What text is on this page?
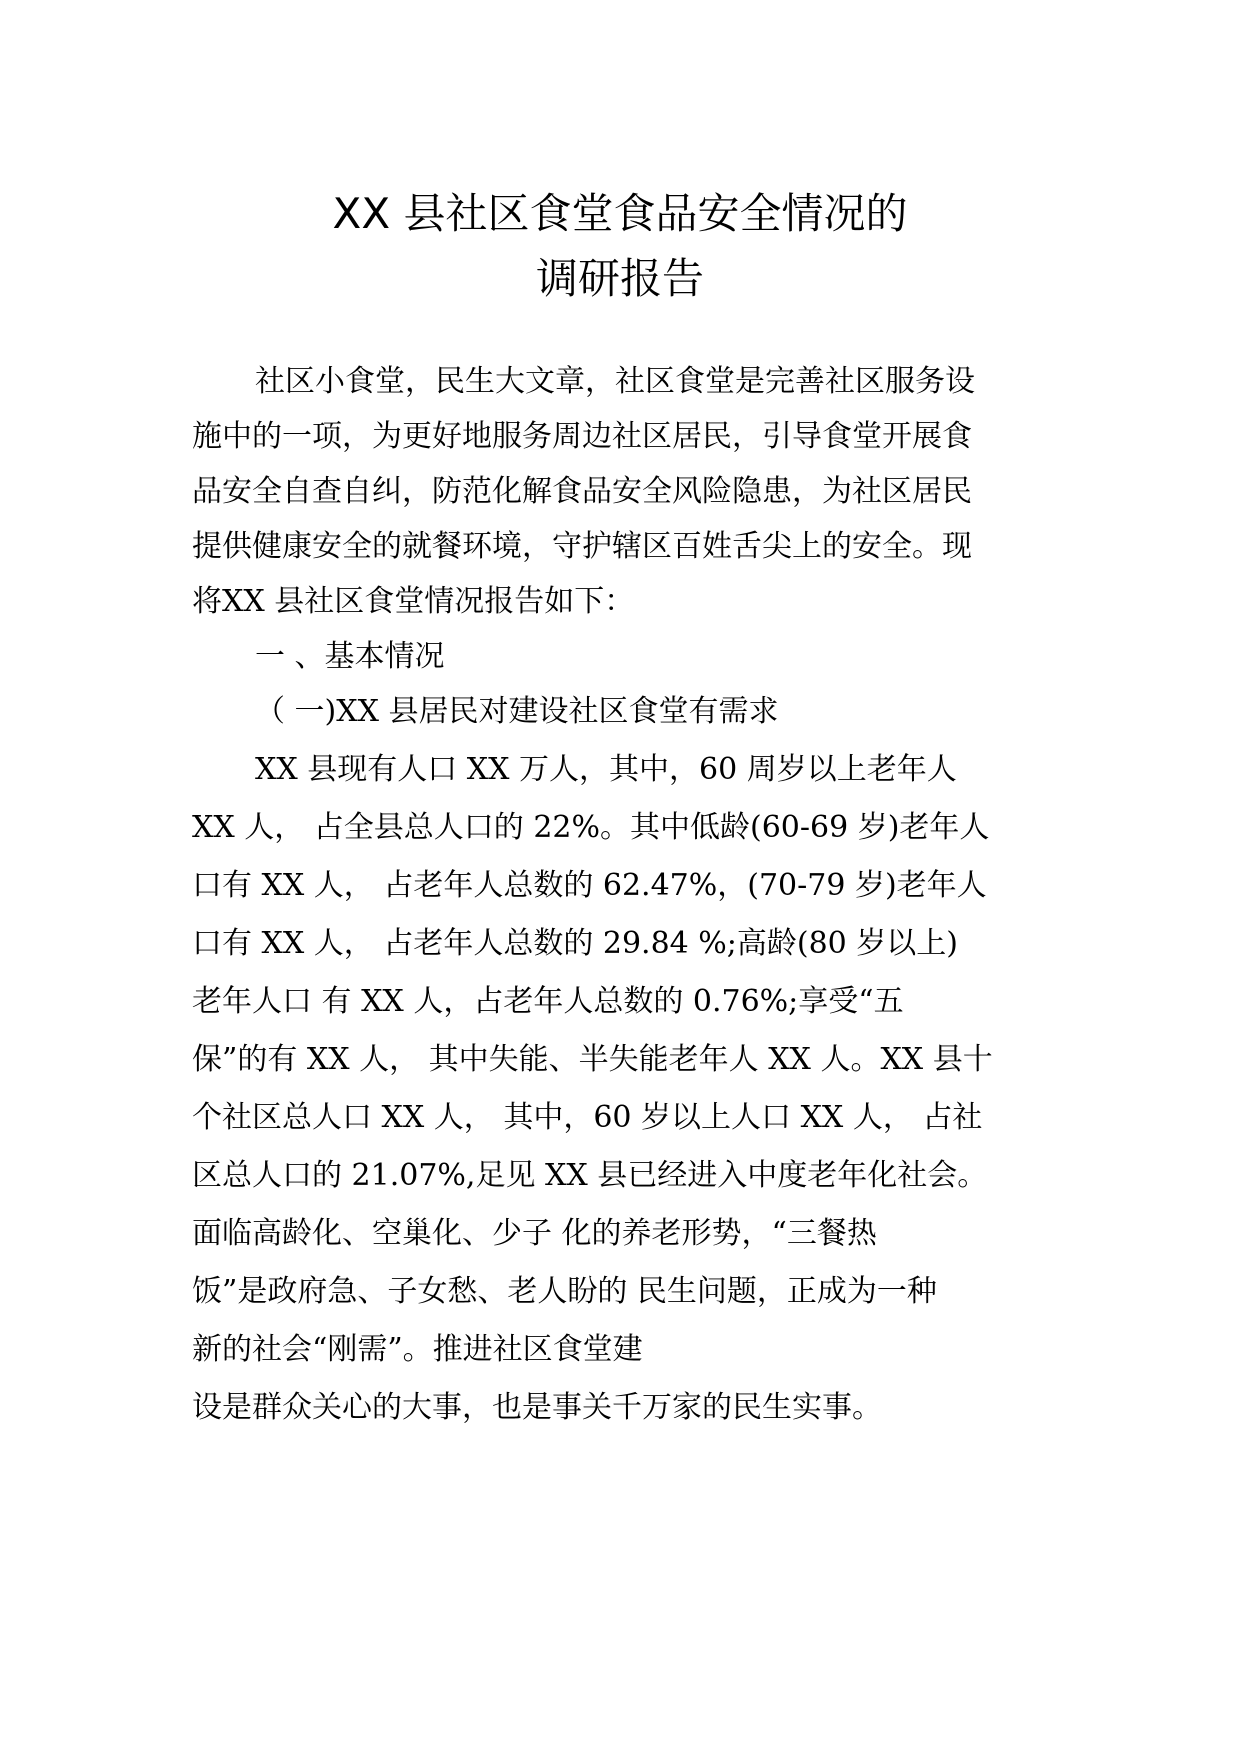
XX 县社区食堂食品安全情况的
调研报告
社区小食堂，民生大文章，社区食堂是完善社区服务设
施中的一项，为更好地服务周边社区居民，引导食堂开展食
品安全自查自纠，防范化解食品安全风险隐患，为社区居民
提供健康安全的就餐环境，守护辖区百姓舌尖上的安全。现
将XX 县社区食堂情况报告如下：
一 、基本情况
（ 一)XX 县居民对建设社区食堂有需求
XX 县现有人口 XX 万人，其中，60 周岁以上老年人
XX 人， 占全县总人口的 22%。其中低龄(60-69 岁)老年人
口有 XX 人， 占老年人总数的 62.47%，(70-79 岁)老年人
口有 XX 人， 占老年人总数的 29.84 %;高龄(80 岁以上)
老年人口 有 XX 人，占老年人总数的 0.76%;享受“五
保”的有 XX 人， 其中失能、半失能老年人 XX 人。XX 县十
个社区总人口 XX 人， 其中，60 岁以上人口 XX 人， 占社
区总人口的 21.07%,足见 XX 县已经进入中度老年化社会。
面临高龄化、空巢化、少子 化的养老形势，“三餐热
饭”是政府急、子女愁、老人盼的 民生问题，正成为一种
新的社会“刚需”。推进社区食堂建
设是群众关心的大事，也是事关千万家的民生实事。
